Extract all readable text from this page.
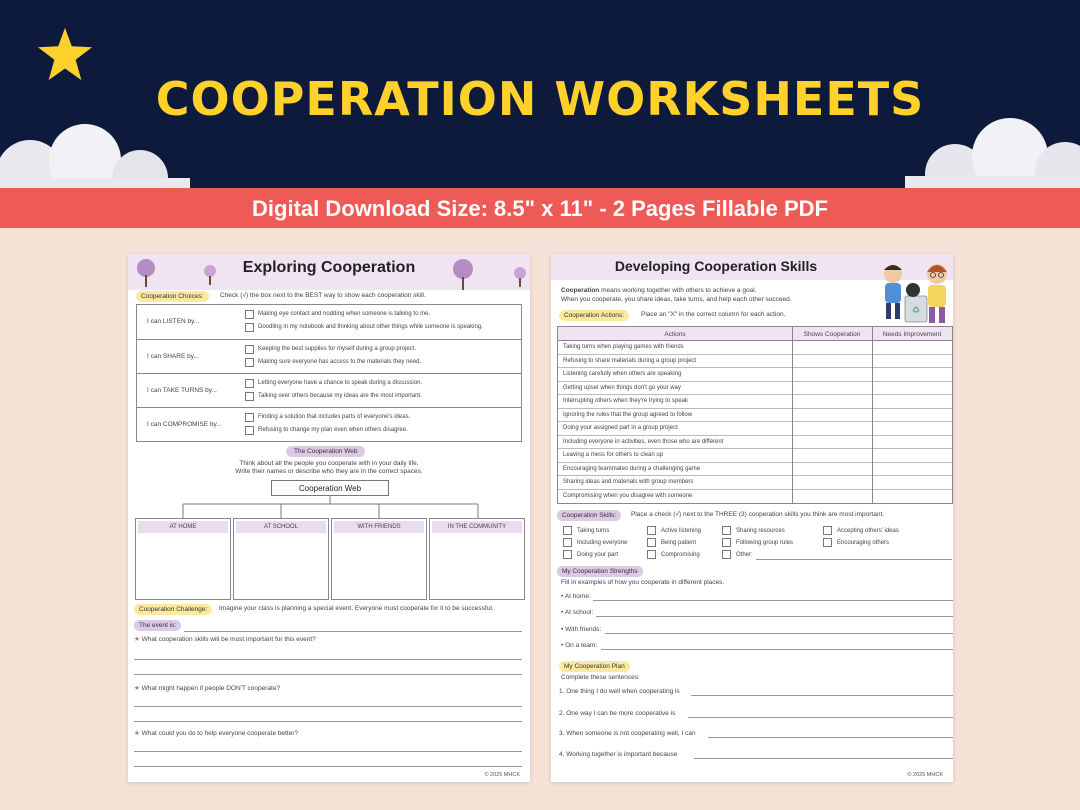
COOPERATION WORKSHEETS
Digital Download Size: 8.5" x 11" - 2 Pages Fillable PDF
Exploring Cooperation
Cooperation Choices:	Check (√) the box next to the BEST way to show each cooperation skill.
I can LISTEN by...
Making eye contact and nodding when someone is talking to me.
Doodling in my notebook and thinking about other things while someone is speaking.
I can SHARE by...
Keeping the best supplies for myself during a group project.
Making sure everyone has access to the materials they need.
I can TAKE TURNS by...
Letting everyone have a chance to speak during a discussion.
Talking over others because my ideas are the most important.
I can COMPROMISE by...
Finding a solution that includes parts of everyone's ideas.
Refusing to change my plan even when others disagree.
The Cooperation Web
Think about all the people you cooperate with in your daily life.
Write their names or describe who they are in the correct spaces.
Cooperation Web
AT HOME	AT SCHOOL	WITH FRIENDS	IN THE COMMUNITY
Cooperation Challenge:	Imagine your class is planning a special event. Everyone must cooperate for it to be successful.
The event is:
★ What cooperation skills will be most important for this event?
★ What might happen if people DON'T cooperate?
★ What could you do to help everyone cooperate better?
© 2025 MHCK
Developing Cooperation Skills
♻
Cooperation means working together with others to achieve a goal.
When you cooperate, you share ideas, take turns, and help each other succeed.
Cooperation Actions:	Place an "X" in the correct column for each action.
Actions	Shows Cooperation	Needs Improvement
Taking turns when playing games with friends
Refusing to share materials during a group project
Listening carefully when others are speaking
Getting upset when things don't go your way
Interrupting others when they're trying to speak
Ignoring the rules that the group agreed to follow
Doing your assigned part in a group project
Including everyone in activities, even those who are different
Leaving a mess for others to clean up
Encouraging teammates during a challenging game
Sharing ideas and materials with group members
Compromising when you disagree with someone
Cooperation Skills:	Place a check (√) next to the THREE (3) cooperation skills you think are most important.
Taking turns	Active listening	Sharing resources	Accepting others' ideas
Including everyone	Being patient	Following group rules	Encouraging others
Doing your part	Compromising	Other:
My Cooperation Strengths
Fill in examples of how you cooperate in different places.
• At home:
• At school:
• With friends:
• On a team:
My Cooperation Plan
Complete these sentences:
1. One thing I do well when cooperating is
2. One way I can be more cooperative is
3. When someone is not cooperating well, I can
4. Working together is important because
© 2025 MHCK
